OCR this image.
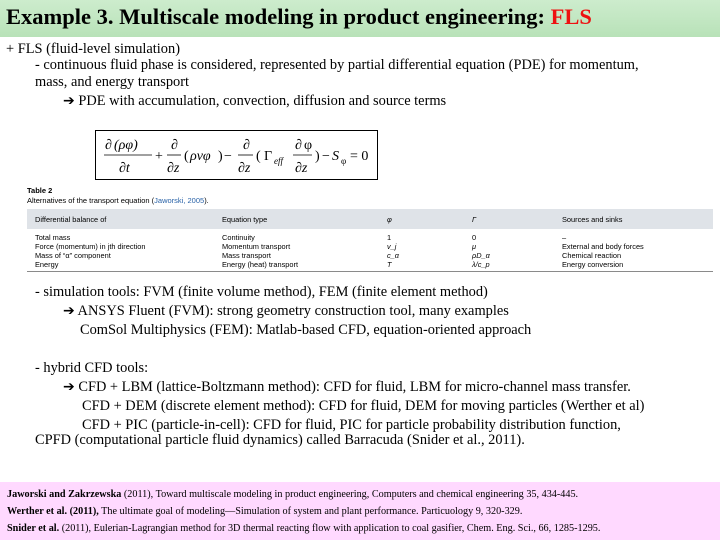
Example 3. Multiscale modeling in product engineering: FLS
+ FLS (fluid-level simulation)
- continuous fluid phase is considered, represented by partial differential equation (PDE) for momentum,
mass, and energy transport
➔ PDE with accumulation, convection, diffusion and source terms
∂ (ρφ)
∂t
+
∂
∂z
( ρvφ ) −
∂
∂z
( Γ eff
∂ φ
∂z
) − S φ = 0
Table 2
Alternatives of the transport equation (Jaworski, 2005).
Differential balance of	Equation type	φ	Γ	Sources and sinks
Total mass	Continuity	1	0	–
Force (momentum) in jth direction	Momentum transport	v_j	μ	External and body forces
Mass of “α” component	Mass transport	c_α	ρD_α	Chemical reaction
Energy	Energy (heat) transport	T	λ/c_p	Energy conversion
- simulation tools: FVM (finite volume method), FEM (finite element method)
➔ ANSYS Fluent (FVM): strong geometry construction tool, many examples
ComSol Multiphysics (FEM): Matlab-based CFD, equation-oriented approach
- hybrid CFD tools:
➔ CFD + LBM (lattice-Boltzmann method): CFD for fluid, LBM for micro-channel mass transfer.
CFD + DEM (discrete element method): CFD for fluid, DEM for moving particles (Werther et al)
CFD + PIC (particle-in-cell): CFD for fluid, PIC for particle probability distribution function,
CPFD (computational particle fluid dynamics) called Barracuda (Snider et al., 2011).
Jaworski and Zakrzewska (2011), Toward multiscale modeling in product engineering, Computers and chemical engineering 35, 434-445.
Werther et al. (2011), The ultimate goal of modeling—Simulation of system and plant performance. Particuology 9, 320-329.
Snider et al. (2011), Eulerian-Lagrangian method for 3D thermal reacting flow with application to coal gasifier, Chem. Eng. Sci., 66, 1285-1295.
